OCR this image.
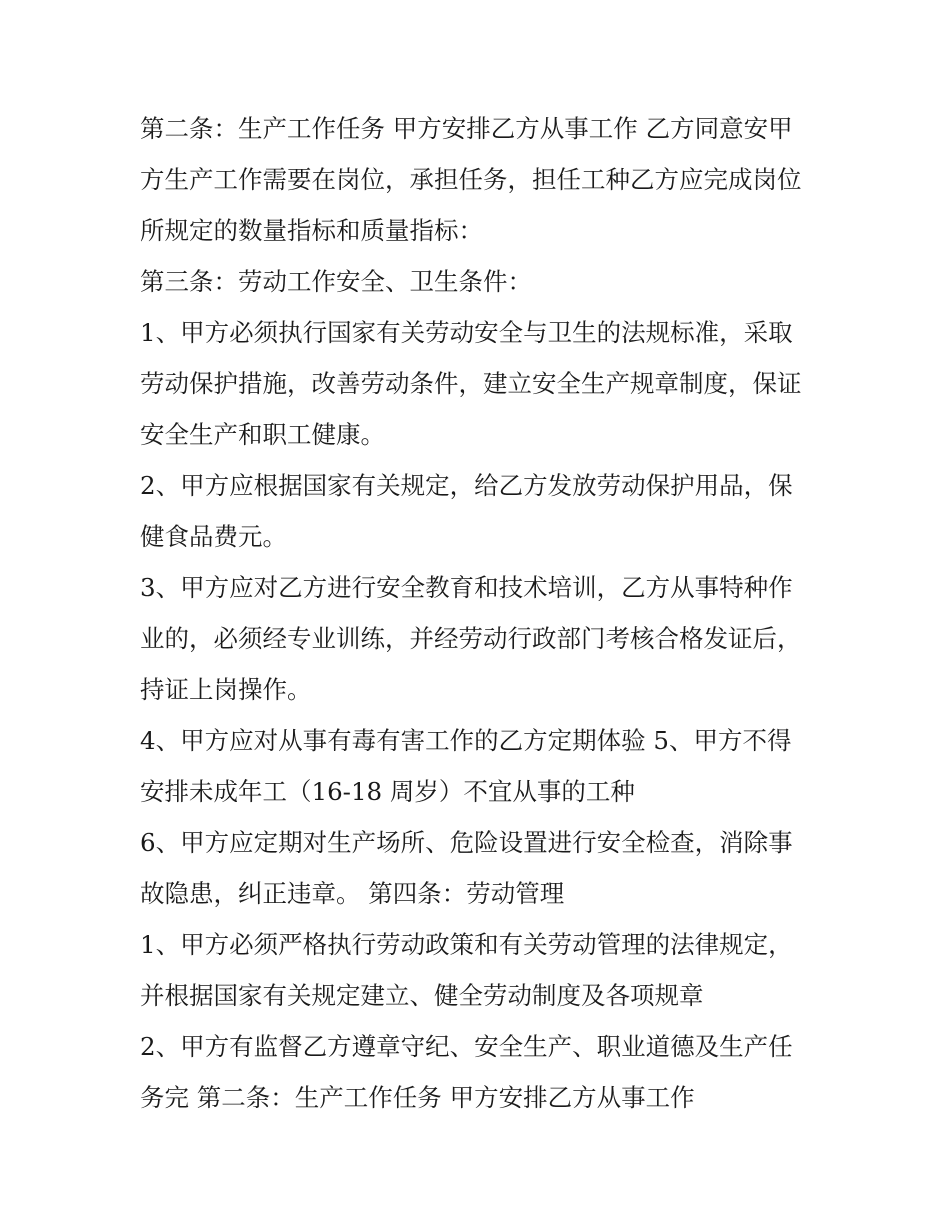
第二条：生产工作任务 甲方安排乙方从事工作 乙方同意安甲
方生产工作需要在岗位，承担任务，担任工种乙方应完成岗位
所规定的数量指标和质量指标：
第三条：劳动工作安全、卫生条件：
1、甲方必须执行国家有关劳动安全与卫生的法规标准，采取
劳动保护措施，改善劳动条件，建立安全生产规章制度，保证
安全生产和职工健康。
2、甲方应根据国家有关规定，给乙方发放劳动保护用品，保
健食品费元。
3、甲方应对乙方进行安全教育和技术培训，乙方从事特种作
业的，必须经专业训练，并经劳动行政部门考核合格发证后，
持证上岗操作。
4、甲方应对从事有毒有害工作的乙方定期体验 5、甲方不得
安排未成年工（16-18 周岁）不宜从事的工种
6、甲方应定期对生产场所、危险设置进行安全检查，消除事
故隐患，纠正违章。 第四条：劳动管理
1、甲方必须严格执行劳动政策和有关劳动管理的法律规定，
并根据国家有关规定建立、健全劳动制度及各项规章
2、甲方有监督乙方遵章守纪、安全生产、职业道德及生产任
务完 第二条：生产工作任务 甲方安排乙方从事工作
